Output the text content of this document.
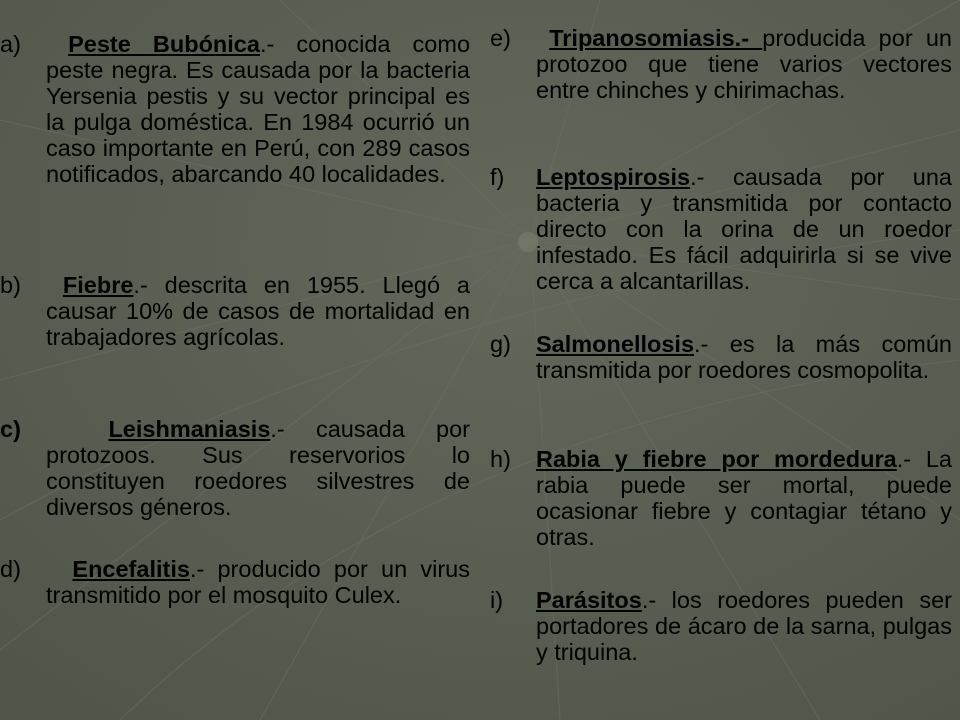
a)	Peste Bubónica.- conocida como peste negra. Es causada por la bacteria Yersenia pestis y su vector principal es la pulga doméstica. En 1984 ocurrió un caso importante en Perú, con 289 casos notificados, abarcando 40 localidades.
b)	Fiebre.- descrita en 1955. Llegó a causar 10% de casos de mortalidad en trabajadores agrícolas.
c)	Leishmaniasis.- causada por protozoos. Sus reservorios lo constituyen roedores silvestres de diversos géneros.
d)	Encefalitis.- producido por un virus transmitido por el mosquito Culex.
e)	Tripanosomiasis.- producida por un protozoo que tiene varios vectores entre chinches y chirimachas.
f) Leptospirosis.- causada por una bacteria y transmitida por contacto directo con la orina de un roedor infestado. Es fácil adquirirla si se vive cerca a alcantarillas.
g) Salmonellosis.- es la más común transmitida por roedores cosmopolita.
h) Rabia y fiebre por mordedura.- La rabia puede ser mortal, puede ocasionar fiebre y contagiar tétano y otras.
i) Parásitos.- los roedores pueden ser portadores de ácaro de la sarna, pulgas y triquina.
